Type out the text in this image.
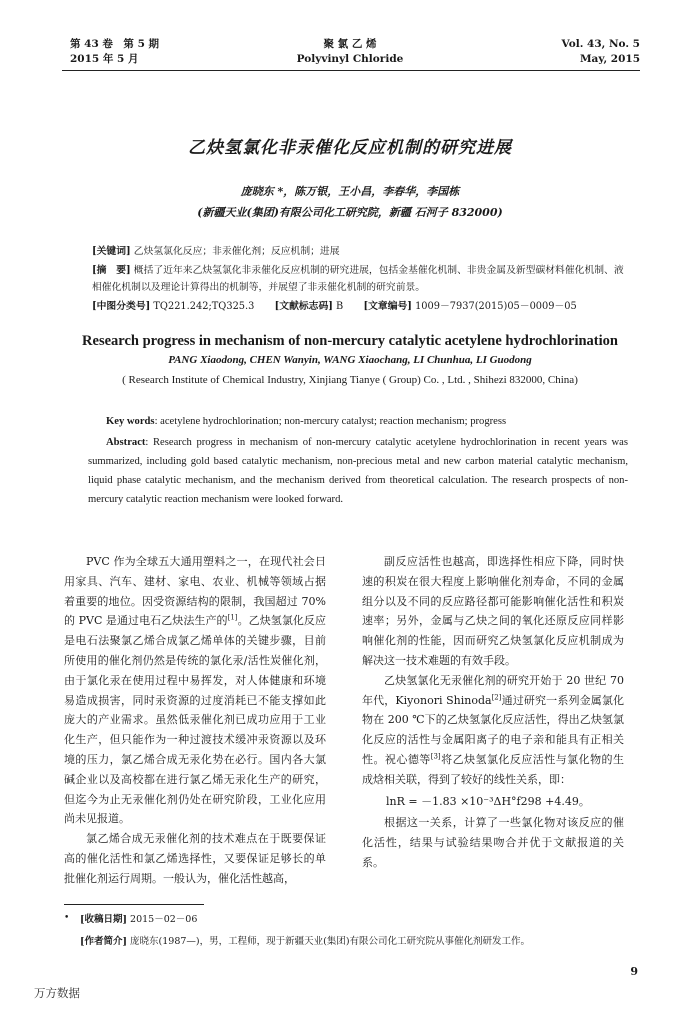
第 43 卷　第 5 期
2015 年 5 月
聚 氯 乙 烯
Polyvinyl Chloride
Vol. 43, No. 5
May, 2015
乙炔氢氯化非汞催化反应机制的研究进展
庞晓东 *，陈万银，王小昌，李春华，李国栋
(新疆天业(集团)有限公司化工研究院，新疆 石河子 832000)
[关键词] 乙炔氢氯化反应；非汞催化剂；反应机制；进展
[摘　要] 概括了近年来乙炔氢氯化非汞催化反应机制的研究进展，包括金基催化机制、非贵金属及新型碳材料催化机制、液相催化机制以及理论计算得出的机制等，并展望了非汞催化机制的研究前景。
[中图分类号] TQ221.242;TQ325.3 [文献标志码] B [文章编号] 1009－7937(2015)05－0009－05
Research progress in mechanism of non-mercury catalytic acetylene hydrochlorination
PANG Xiaodong, CHEN Wanyin, WANG Xiaochang, LI Chunhua, LI Guodong
( Research Institute of Chemical Industry, Xinjiang Tianye ( Group) Co. , Ltd. , Shihezi 832000, China)
Key words: acetylene hydrochlorination; non-mercury catalyst; reaction mechanism; progress
Abstract: Research progress in mechanism of non-mercury catalytic acetylene hydrochlorination in recent years was summarized, including gold based catalytic mechanism, non-precious metal and new carbon material catalytic mechanism, liquid phase catalytic mechanism, and the mechanism derived from theoretical calculation. The research prospects of non-mercury catalytic reaction mechanism were looked forward.

PVC 作为全球五大通用塑料之一，在现代社会日用家具、汽车、建材、家电、农业、机械等领域占据着重要的地位。因受资源结构的限制，我国超过 70% 的 PVC 是通过电石乙炔法生产的[1]。乙炔氢氯化反应是电石法聚氯乙烯合成氯乙烯单体的关键步骤，目前所使用的催化剂仍然是传统的氯化汞/活性炭催化剂，由于氯化汞在使用过程中易挥发，对人体健康和环境易造成损害，同时汞资源的过度消耗已不能支撑如此庞大的产业需求。虽然低汞催化剂已成功应用于工业化生产，但只能作为一种过渡技术缓冲汞资源以及环境的压力，氯乙烯合成无汞化势在必行。国内各大氯碱企业以及高校都在进行氯乙烯无汞化生产的研究，但迄今为止无汞催化剂仍处在研究阶段，工业化应用尚未见报道。

氯乙烯合成无汞催化剂的技术难点在于既要保证高的催化活性和氯乙烯选择性，又要保证足够长的单批催化剂运行周期。一般认为，催化活性越高，

副反应活性也越高，即选择性相应下降，同时快速的积炭在很大程度上影响催化剂寿命，不同的金属组分以及不同的反应路径都可能影响催化活性和积炭速率；另外，金属与乙炔之间的氧化还原反应同样影响催化剂的性能，因而研究乙炔氢氯化反应机制成为解决这一技术难题的有效手段。

乙炔氢氯化无汞催化剂的研究开始于 20 世纪 70 年代，Kiyonori Shinoda[2]通过研究一系列金属氯化物在 200 ℃下的乙炔氢氯化反应活性，得出乙炔氢氯化反应的活性与金属阳离子的电子亲和能具有正相关性。祝心德等[3]将乙炔氢氯化反应活性与氯化物的生成焓相关联，得到了较好的线性关系，即：

lnR = －1.83 ×10⁻³ΔH°f298 +4.49。

根据这一关系，计算了一些氯化物对该反应的催化活性，结果与试验结果吻合并优于文献报道的关系。

• [收稿日期] 2015－02－06
[作者简介] 庞晓东(1987—)，男，工程师，现于新疆天业(集团)有限公司化工研究院从事催化剂研发工作。
9
万方数据
